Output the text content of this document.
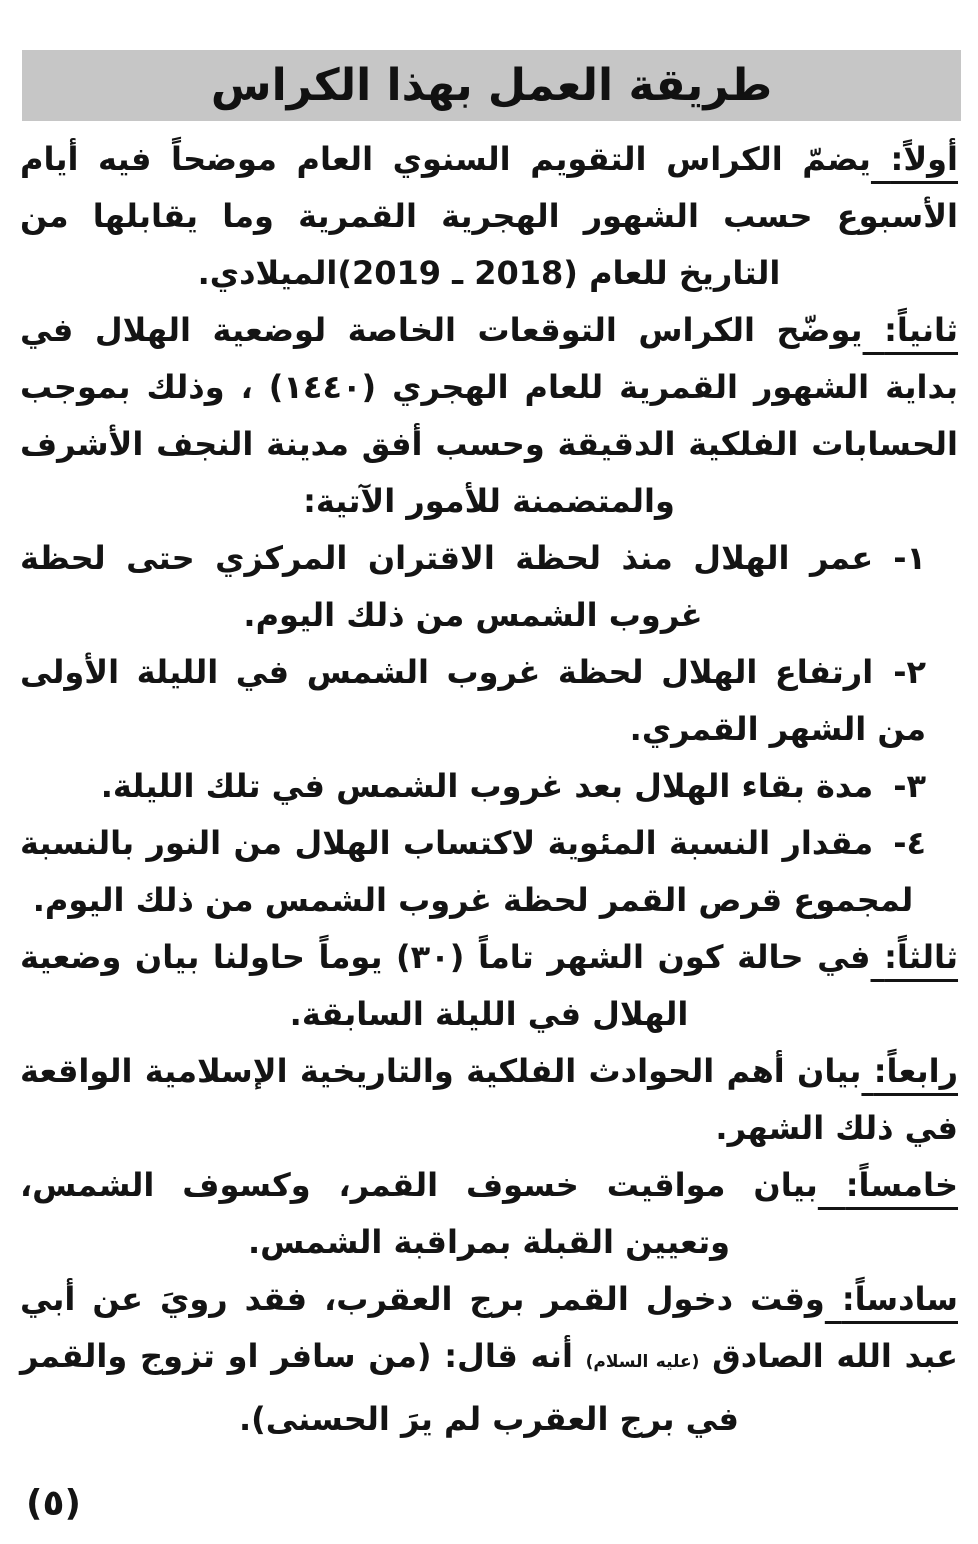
طريقة العمل بهذا الكراس
أولاً:يضمّ الكراس التقويم السنوي العام موضحاً فيه أيام الأسبوع حسب الشهور الهجرية القمرية وما يقابلها من التاريخ للعام (2018 ـ 2019)الميلادي.
ثانياً:يوضّح الكراس التوقعات الخاصة لوضعية الهلال في بداية الشهور القمرية للعام الهجري (١٤٤٠) ، وذلك بموجب الحسابات الفلكية الدقيقة وحسب أفق مدينة النجف الأشرف والمتضمنة للأمور الآتية:
١-عمر الهلال منذ لحظة الاقتران المركزي حتى لحظة غروب الشمس من ذلك اليوم.
٢-ارتفاع الهلال لحظة غروب الشمس في الليلة الأولى من الشهر القمري.
٣-مدة بقاء الهلال بعد غروب الشمس في تلك الليلة.
٤-مقدار النسبة المئوية لاكتساب الهلال من النور بالنسبة لمجموع قرص القمر لحظة غروب الشمس من ذلك اليوم.
ثالثاً:في حالة كون الشهر تاماً (٣٠) يوماً حاولنا بيان وضعية الهلال في الليلة السابقة.
رابعاً:بيان أهم الحوادث الفلكية والتاريخية الإسلامية الواقعة في ذلك الشهر.
خامساً:بيان مواقيت خسوف القمر، وكسوف الشمس، وتعيين القبلة بمراقبة الشمس.
سادساً:وقت دخول القمر برج العقرب، فقد رويَ عن أبي عبد الله الصادق (عليه السلام) أنه قال: (من سافر او تزوج والقمر في برج العقرب لم يرَ الحسنى).
(٥)
